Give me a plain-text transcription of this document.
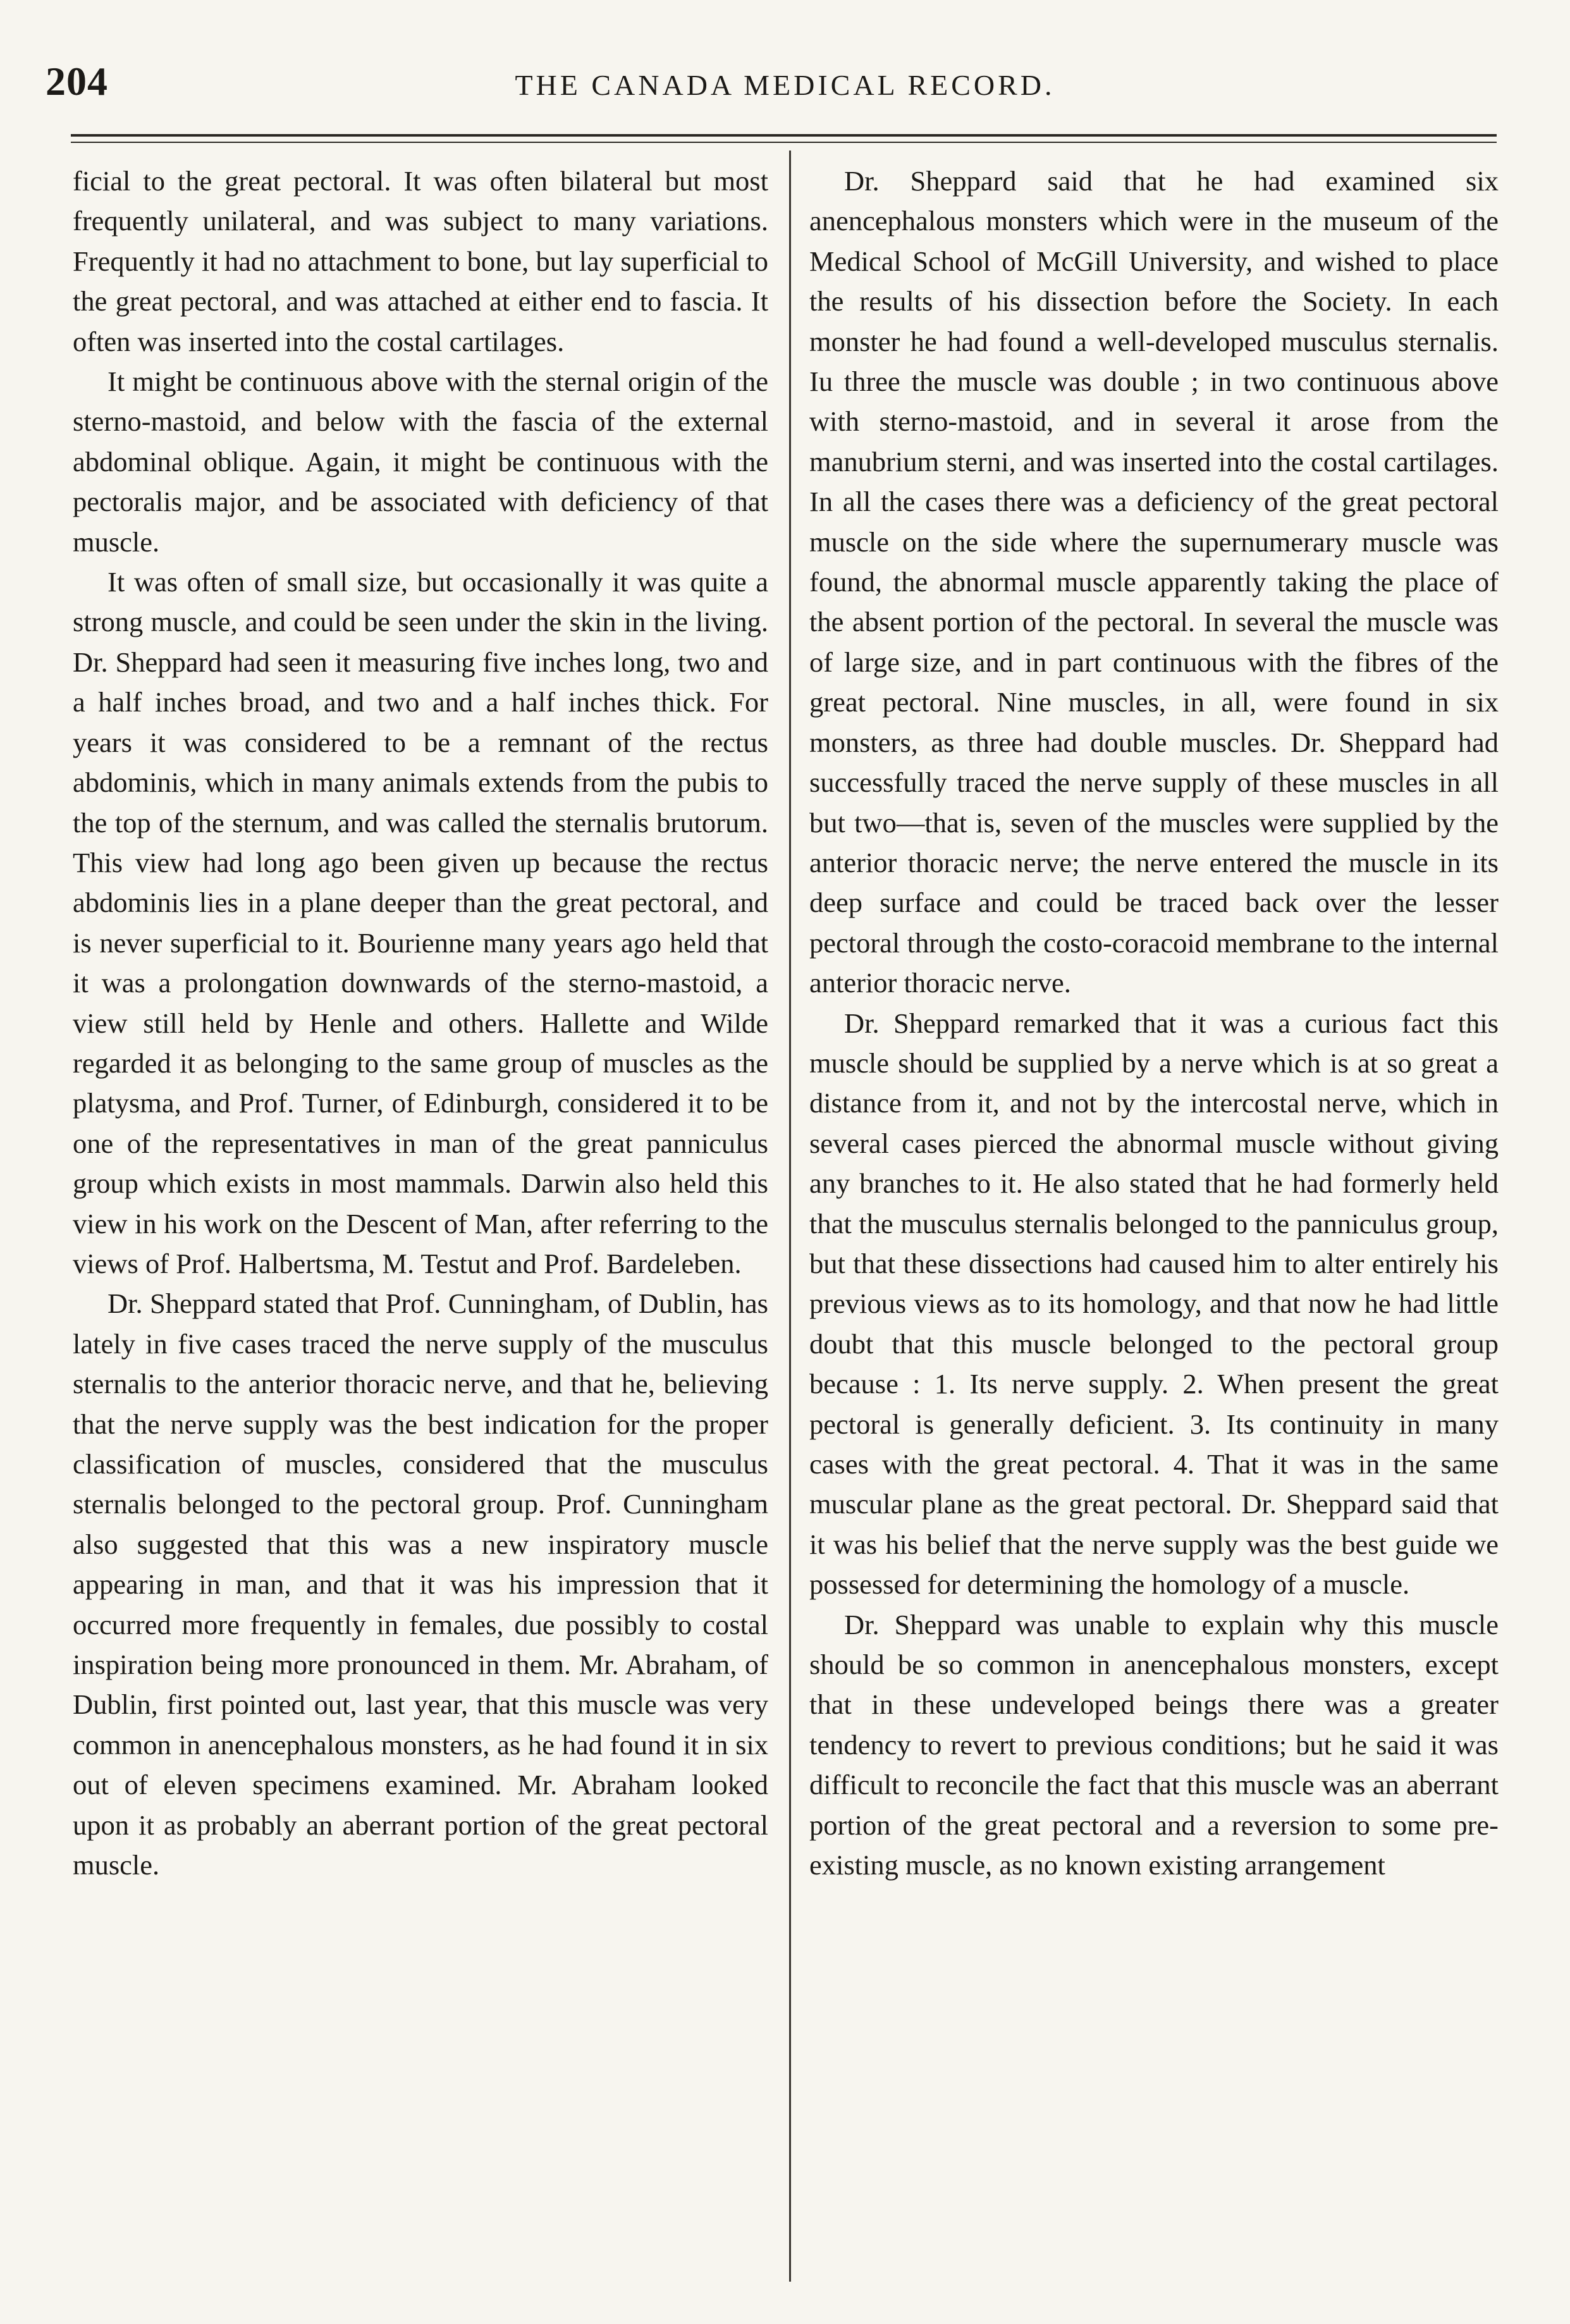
204	THE CANADA MEDICAL RECORD.

ficial to the great pectoral. It was often bilateral but most frequently unilateral, and was subject to many variations. Frequently it had no attachment to bone, but lay superficial to the great pectoral, and was attached at either end to fascia. It often was inserted into the costal cartilages.

It might be continuous above with the sternal origin of the sterno-mastoid, and below with the fascia of the external abdominal oblique. Again, it might be continuous with the pectoralis major, and be associated with deficiency of that muscle.

It was often of small size, but occasionally it was quite a strong muscle, and could be seen under the skin in the living. Dr. Sheppard had seen it measuring five inches long, two and a half inches broad, and two and a half inches thick. For years it was considered to be a remnant of the rectus abdominis, which in many animals extends from the pubis to the top of the sternum, and was called the sternalis brutorum. This view had long ago been given up because the rectus abdominis lies in a plane deeper than the great pectoral, and is never superficial to it. Bourienne many years ago held that it was a prolongation downwards of the sterno-mastoid, a view still held by Henle and others. Hallette and Wilde regarded it as belonging to the same group of muscles as the platysma, and Prof. Turner, of Edinburgh, considered it to be one of the representatives in man of the great panniculus group which exists in most mammals. Darwin also held this view in his work on the Descent of Man, after referring to the views of Prof. Halbertsma, M. Testut and Prof. Bardeleben.

Dr. Sheppard stated that Prof. Cunningham, of Dublin, has lately in five cases traced the nerve supply of the musculus sternalis to the anterior thoracic nerve, and that he, believing that the nerve supply was the best indication for the proper classification of muscles, considered that the musculus sternalis belonged to the pectoral group. Prof. Cunningham also suggested that this was a new inspiratory muscle appearing in man, and that it was his impression that it occurred more frequently in females, due possibly to costal inspiration being more pronounced in them. Mr. Abraham, of Dublin, first pointed out, last year, that this muscle was very common in anencephalous monsters, as he had found it in six out of eleven specimens examined. Mr. Abraham looked upon it as probably an aberrant portion of the great pectoral muscle.

Dr. Sheppard said that he had examined six anencephalous monsters which were in the museum of the Medical School of McGill University, and wished to place the results of his dissection before the Society. In each monster he had found a well-developed musculus sternalis. Iu three the muscle was double ; in two continuous above with sterno-mastoid, and in several it arose from the manubrium sterni, and was inserted into the costal cartilages. In all the cases there was a deficiency of the great pectoral muscle on the side where the supernumerary muscle was found, the abnormal muscle apparently taking the place of the absent portion of the pectoral. In several the muscle was of large size, and in part continuous with the fibres of the great pectoral. Nine muscles, in all, were found in six monsters, as three had double muscles. Dr. Sheppard had successfully traced the nerve supply of these muscles in all but two—that is, seven of the muscles were supplied by the anterior thoracic nerve; the nerve entered the muscle in its deep surface and could be traced back over the lesser pectoral through the costo-coracoid membrane to the internal anterior thoracic nerve.

Dr. Sheppard remarked that it was a curious fact this muscle should be supplied by a nerve which is at so great a distance from it, and not by the intercostal nerve, which in several cases pierced the abnormal muscle without giving any branches to it. He also stated that he had formerly held that the musculus sternalis belonged to the panniculus group, but that these dissections had caused him to alter entirely his previous views as to its homology, and that now he had little doubt that this muscle belonged to the pectoral group because : 1. Its nerve supply. 2. When present the great pectoral is generally deficient. 3. Its continuity in many cases with the great pectoral. 4. That it was in the same muscular plane as the great pectoral. Dr. Sheppard said that it was his belief that the nerve supply was the best guide we possessed for determining the homology of a muscle.

Dr. Sheppard was unable to explain why this muscle should be so common in anencephalous monsters, except that in these undeveloped beings there was a greater tendency to revert to previous conditions; but he said it was difficult to reconcile the fact that this muscle was an aberrant portion of the great pectoral and a reversion to some pre-existing muscle, as no known existing arrangement
